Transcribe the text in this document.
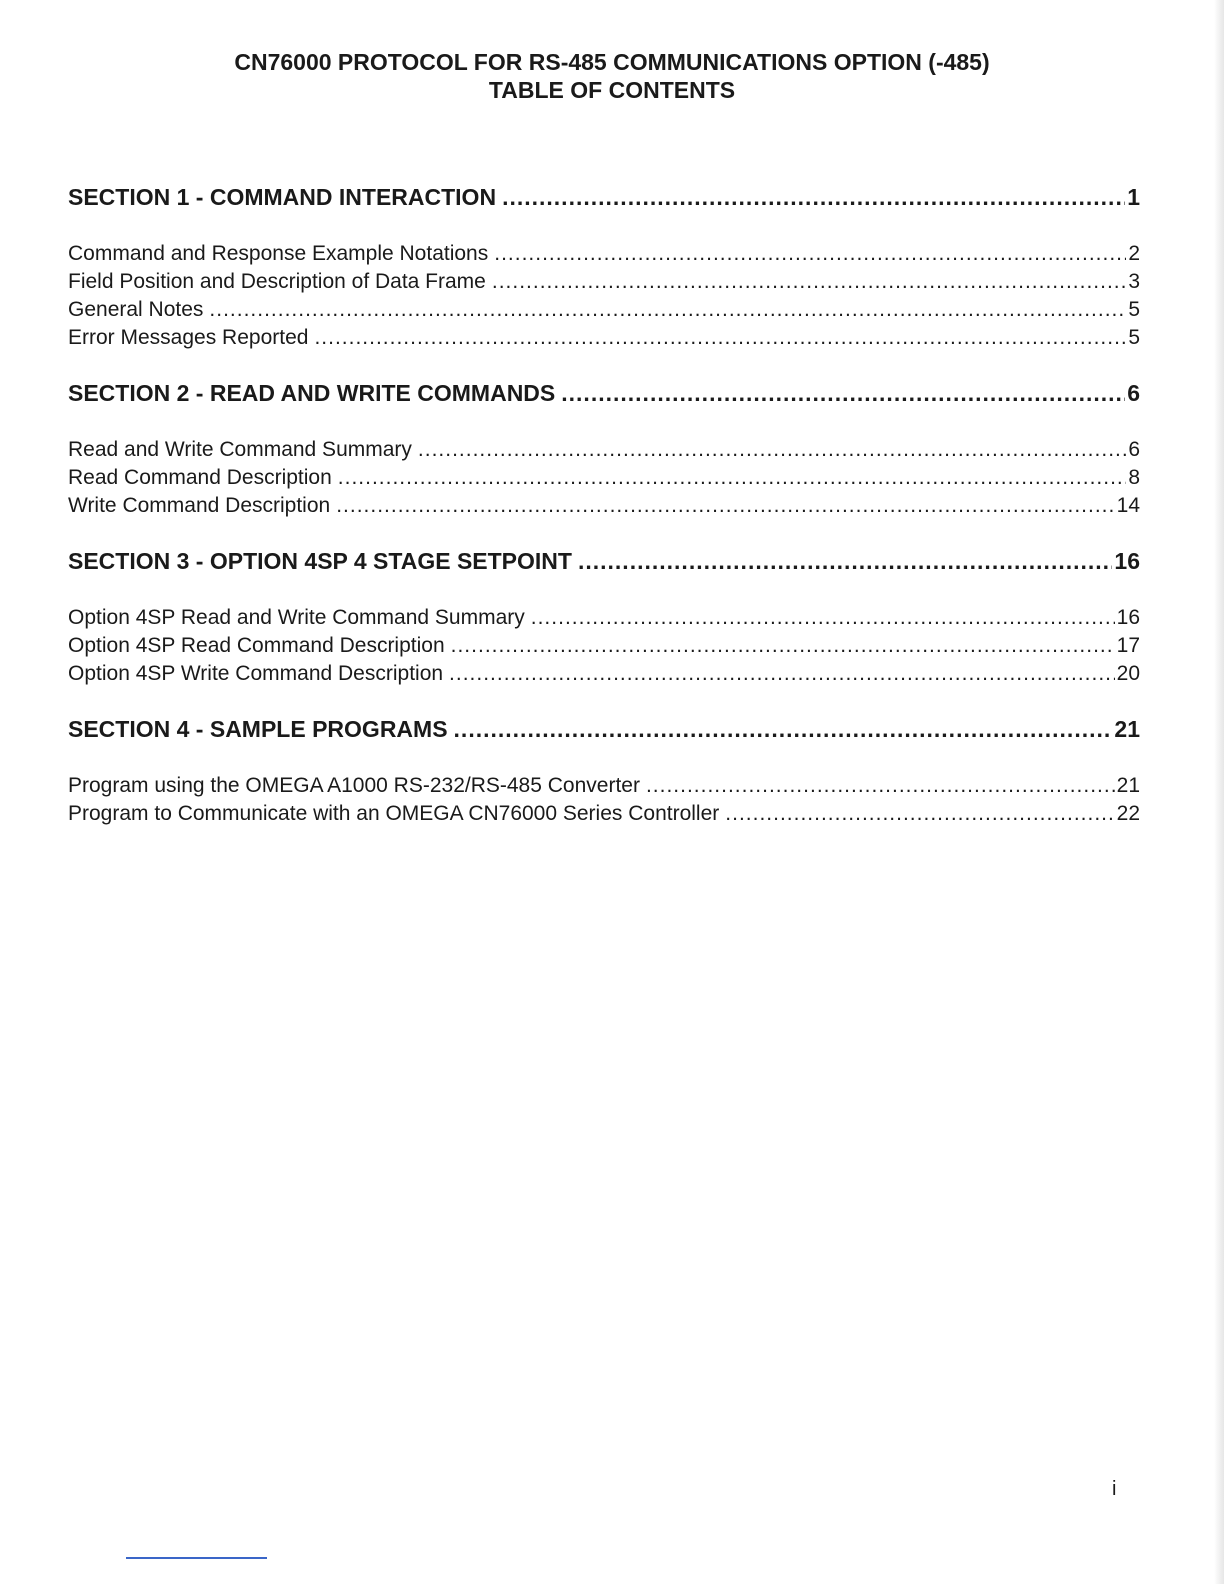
CN76000 PROTOCOL FOR RS-485 COMMUNICATIONS OPTION (-485)
TABLE OF CONTENTS
SECTION 1 - COMMAND INTERACTION .....	1
Command and Response Example Notations .....	2
Field Position and Description of Data Frame .....	3
General Notes .....	5
Error Messages Reported .....	5
SECTION 2 - READ AND WRITE COMMANDS .....	6
Read and Write Command Summary .....	6
Read Command Description .....	8
Write Command Description .....	14
SECTION 3 - OPTION 4SP 4 STAGE SETPOINT .....	16
Option 4SP Read and Write Command Summary .....	16
Option 4SP Read Command Description .....	17
Option 4SP Write Command Description .....	20
SECTION 4 - SAMPLE PROGRAMS .....	21
Program using the OMEGA A1000 RS-232/RS-485 Converter .....	21
Program to Communicate with an OMEGA CN76000 Series Controller .....	22
i
